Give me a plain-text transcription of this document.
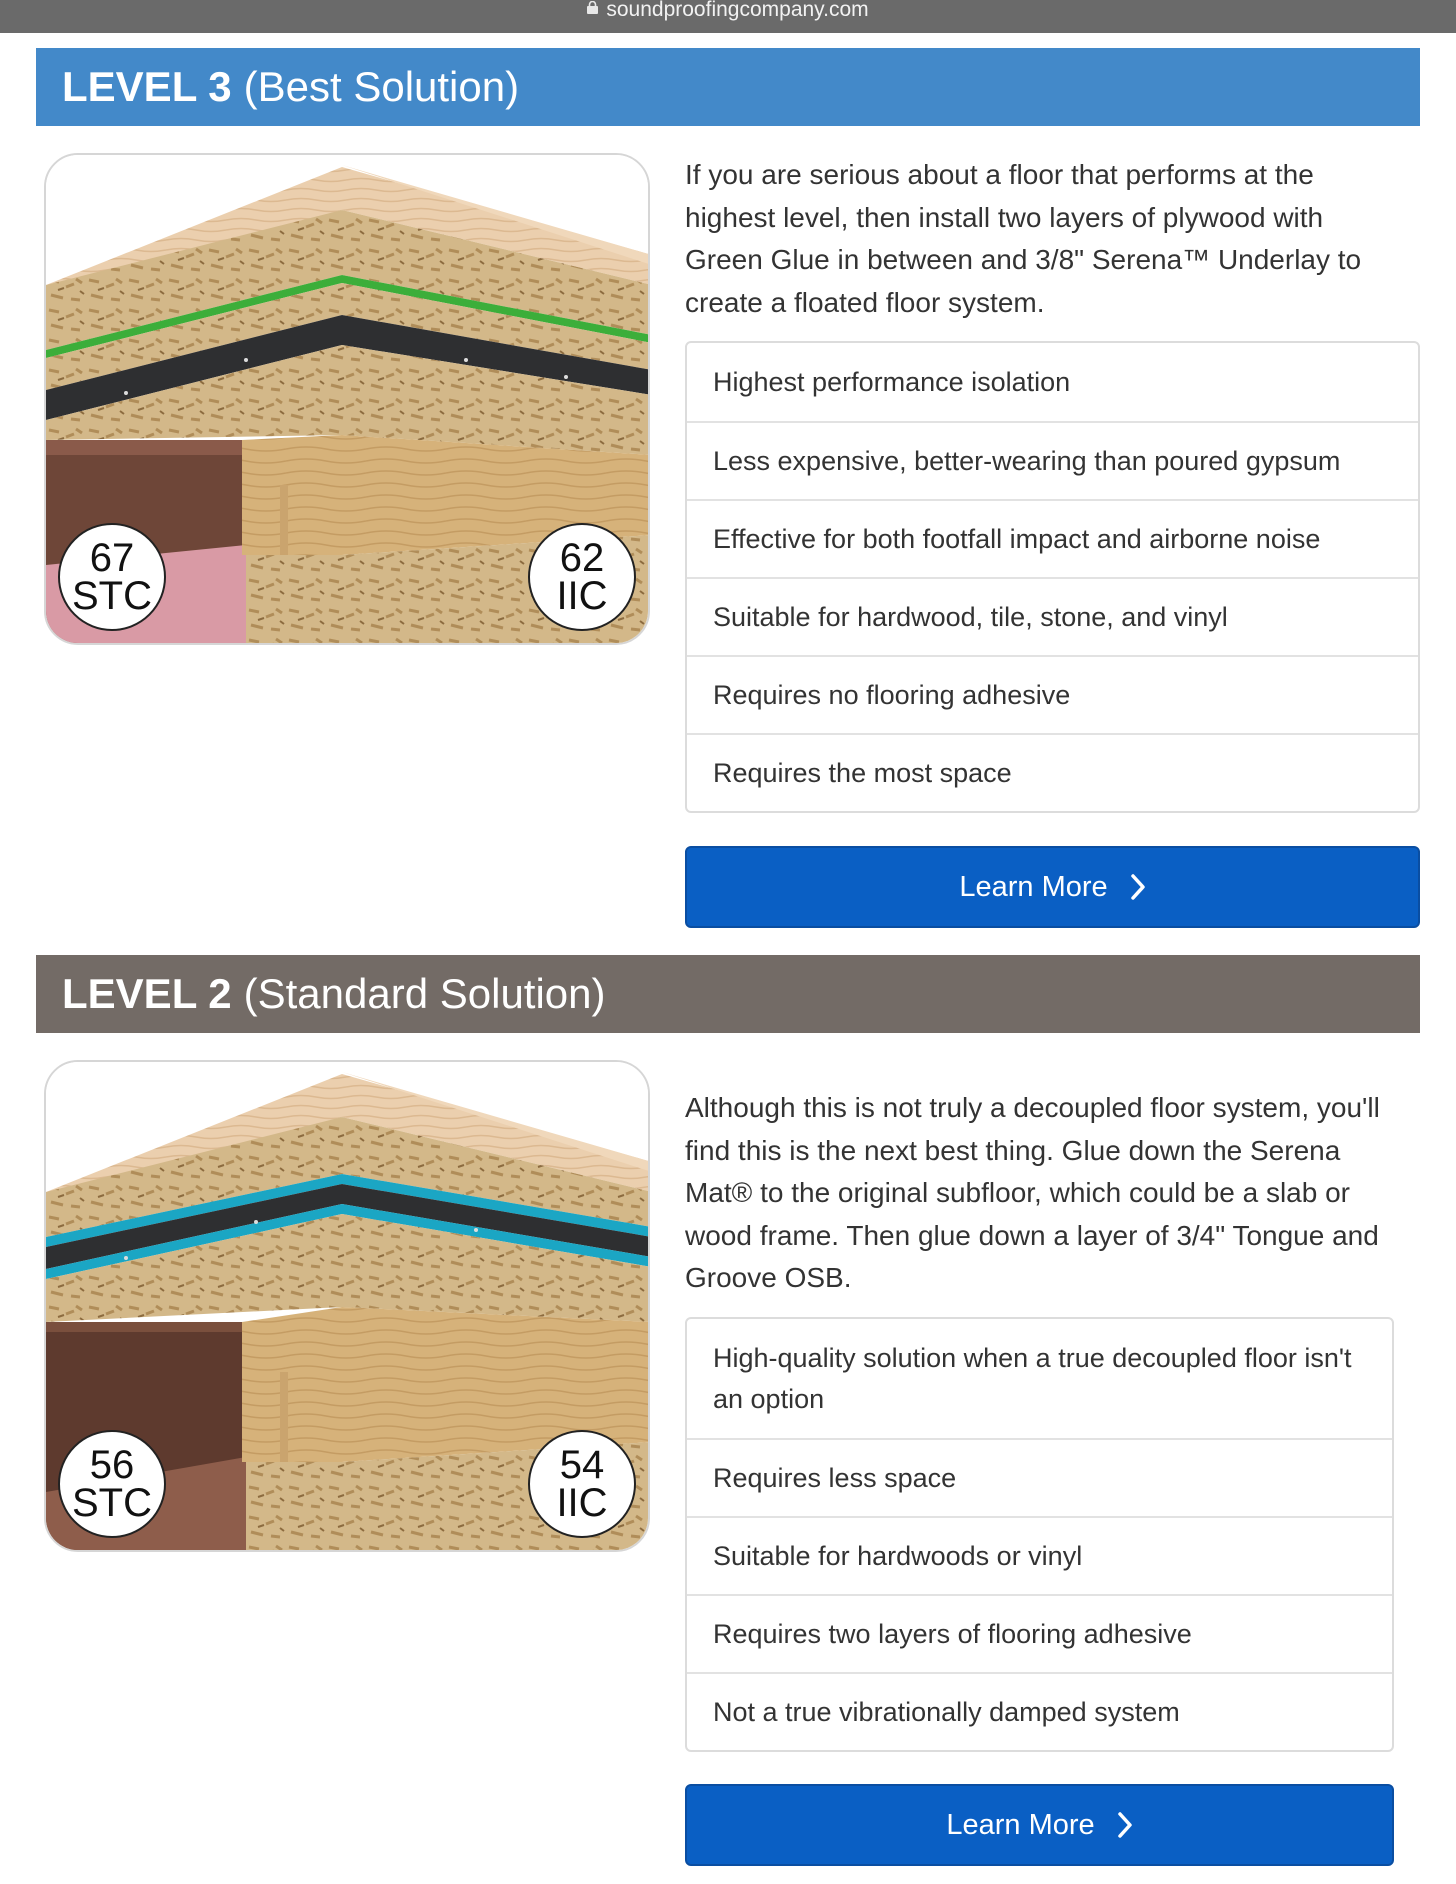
soundproofingcompany.com
LEVEL 3 (Best Solution)
67
STC
62
IIC
If you are serious about a floor that performs at the highest level, then install two layers of plywood with Green Glue in between and 3/8" Serena™ Underlay to create a floated floor system.
Highest performance isolation
Less expensive, better-wearing than poured gypsum
Effective for both footfall impact and airborne noise
Suitable for hardwood, tile, stone, and vinyl
Requires no flooring adhesive
Requires the most space
Learn More
LEVEL 2 (Standard Solution)
56
STC
54
IIC
Although this is not truly a decoupled floor system, you'll find this is the next best thing. Glue down the Serena Mat® to the original subfloor, which could be a slab or wood frame. Then glue down a layer of 3/4" Tongue and Groove OSB.
High-quality solution when a true decoupled floor isn't an option
Requires less space
Suitable for hardwoods or vinyl
Requires two layers of flooring adhesive
Not a true vibrationally damped system
Learn More
